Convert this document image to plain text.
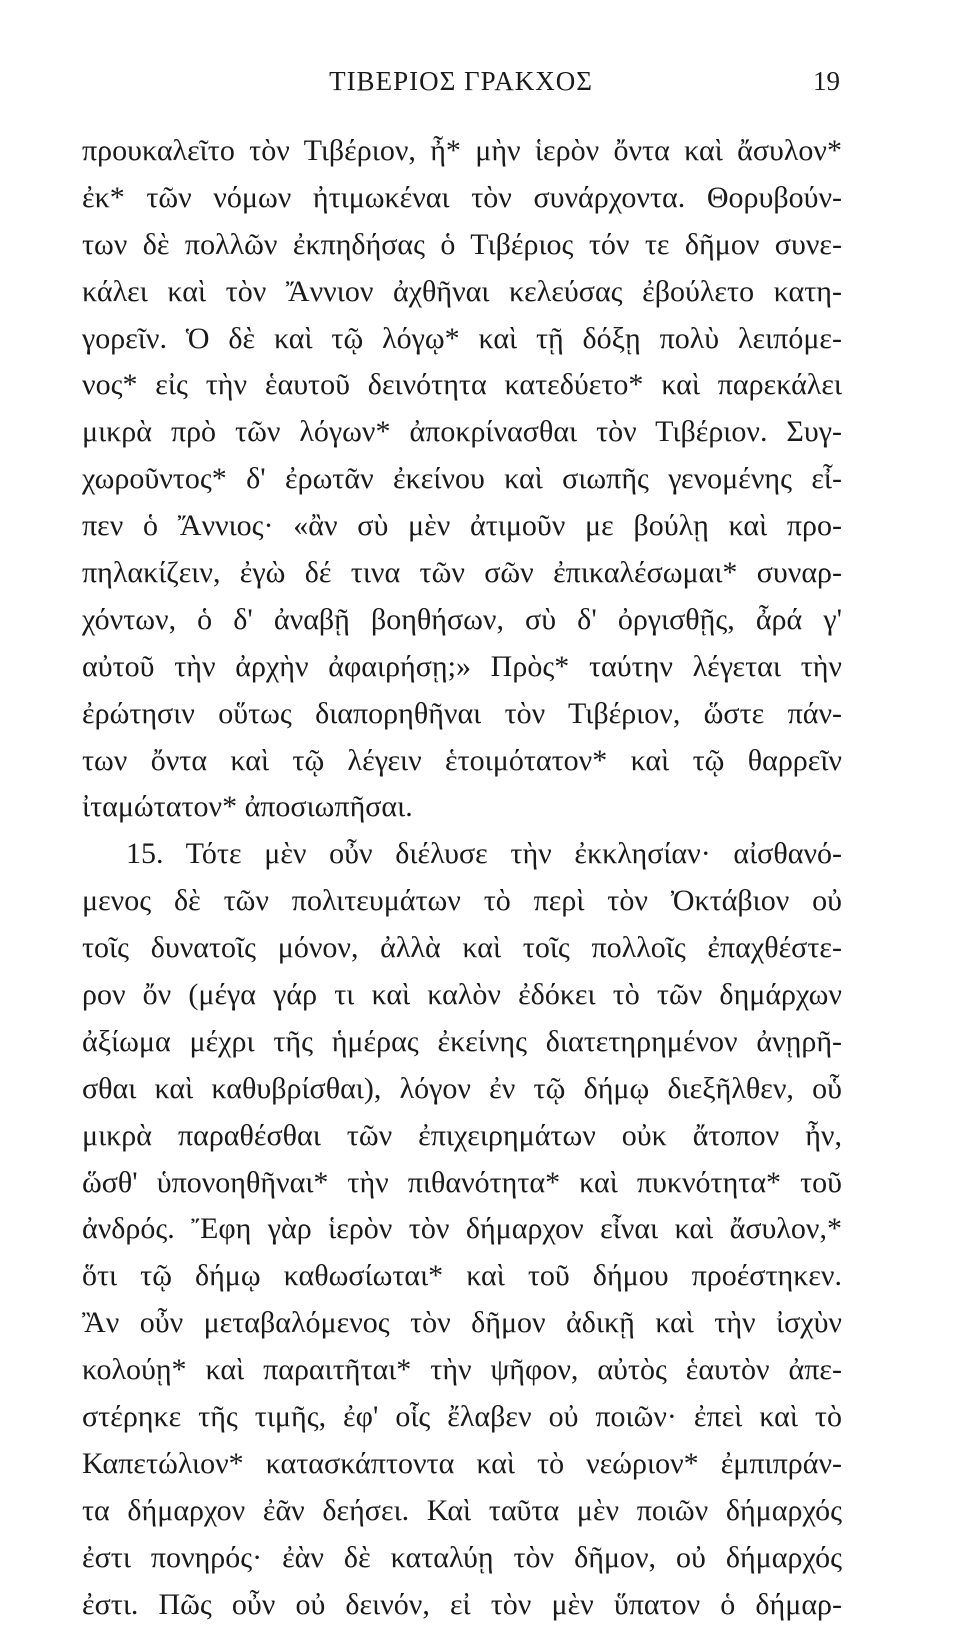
ΤΙΒΕΡΙΟΣ ΓΡΑΚΧΟΣ	19
προυκαλεῖτο τὸν Τιβέριον, ἦ* μὴν ἱερὸν ὄντα καὶ ἄσυλον*
ἐκ* τῶν νόμων ἠτιμωκέναι τὸν συνάρχοντα. Θορυβούν-
των δὲ πολλῶν ἐκπηδήσας ὁ Τιβέριος τόν τε δῆμον συνε-
κάλει καὶ τὸν Ἄννιον ἀχθῆναι κελεύσας ἐβούλετο κατη-
γορεῖν. Ὁ δὲ καὶ τῷ λόγῳ* καὶ τῇ δόξῃ πολὺ λειπόμε-
νος* εἰς τὴν ἑαυτοῦ δεινότητα κατεδύετο* καὶ παρεκάλει
μικρὰ πρὸ τῶν λόγων* ἀποκρίνασθαι τὸν Τιβέριον. Συγ-
χωροῦντος* δ' ἐρωτᾶν ἐκείνου καὶ σιωπῆς γενομένης εἶ-
πεν ὁ Ἄννιος· «ἂν σὺ μὲν ἀτιμοῦν με βούλῃ καὶ προ-
πηλακίζειν, ἐγὼ δέ τινα τῶν σῶν ἐπικαλέσωμαι* συναρ-
χόντων, ὁ δ' ἀναβῇ βοηθήσων, σὺ δ' ὀργισθῇς, ἆρά γ'
αὐτοῦ τὴν ἀρχὴν ἀφαιρήσῃ;» Πρὸς* ταύτην λέγεται τὴν
ἐρώτησιν οὕτως διαπορηθῆναι τὸν Τιβέριον, ὥστε πάν-
των ὄντα καὶ τῷ λέγειν ἑτοιμότατον* καὶ τῷ θαρρεῖν
ἰταμώτατον* ἀποσιωπῆσαι.
15. Τότε μὲν οὖν διέλυσε τὴν ἐκκλησίαν· αἰσθανό-
μενος δὲ τῶν πολιτευμάτων τὸ περὶ τὸν Ὀκτάβιον οὐ
τοῖς δυνατοῖς μόνον, ἀλλὰ καὶ τοῖς πολλοῖς ἐπαχθέστε-
ρον ὄν (μέγα γάρ τι καὶ καλὸν ἐδόκει τὸ τῶν δημάρχων
ἀξίωμα μέχρι τῆς ἡμέρας ἐκείνης διατετηρημένον ἀνῃρῆ-
σθαι καὶ καθυβρίσθαι), λόγον ἐν τῷ δήμῳ διεξῆλθεν, οὗ
μικρὰ παραθέσθαι τῶν ἐπιχειρημάτων οὐκ ἄτοπον ἦν,
ὥσθ' ὑπονοηθῆναι* τὴν πιθανότητα* καὶ πυκνότητα* τοῦ
ἀνδρός. Ἔφη γὰρ ἱερὸν τὸν δήμαρχον εἶναι καὶ ἄσυλον,*
ὅτι τῷ δήμῳ καθωσίωται* καὶ τοῦ δήμου προέστηκεν.
Ἂν οὖν μεταβαλόμενος τὸν δῆμον ἀδικῇ καὶ τὴν ἰσχὺν
κολούῃ* καὶ παραιτῆται* τὴν ψῆφον, αὐτὸς ἑαυτὸν ἀπε-
στέρηκε τῆς τιμῆς, ἐφ' οἷς ἔλαβεν οὐ ποιῶν· ἐπεὶ καὶ τὸ
Καπετώλιον* κατασκάπτοντα καὶ τὸ νεώριον* ἐμπιπράν-
τα δήμαρχον ἐᾶν δεήσει. Καὶ ταῦτα μὲν ποιῶν δήμαρχός
ἐστι πονηρός· ἐὰν δὲ καταλύῃ τὸν δῆμον, οὐ δήμαρχός
ἐστι. Πῶς οὖν οὐ δεινόν, εἰ τὸν μὲν ὕπατον ὁ δήμαρ-
